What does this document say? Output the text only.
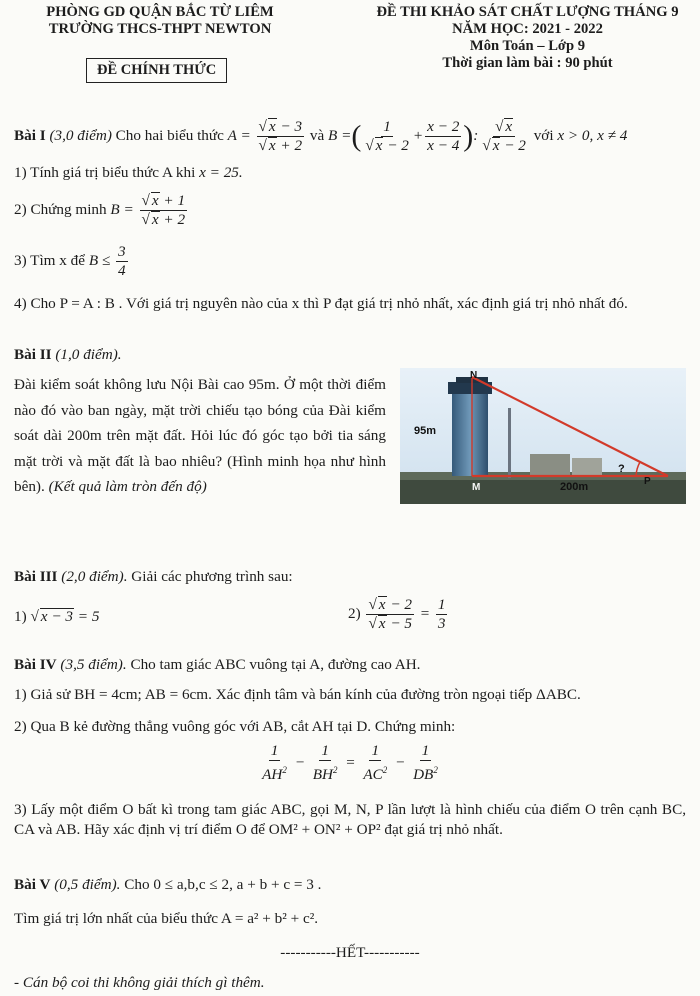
PHÒNG GD QUẬN BẮC TỪ LIÊM
TRƯỜNG THCS-THPT NEWTON
ĐỀ CHÍNH THỨC
ĐỀ THI KHẢO SÁT CHẤT LƯỢNG THÁNG 9
NĂM HỌC: 2021 - 2022
Môn Toán – Lớp 9
Thời gian làm bài : 90 phút
Bài I (3,0 điểm) Cho hai biểu thức $A = \frac{√ x - 3}{√ x + 2}$ và B =( $\frac{1}{√ x - 2} + \frac{x - 2}{x - 4}$ ): $\frac{√ x}{√ x - 2}$ với x > 0, x ≠ 4
1) Tính giá trị biểu thức A khi x = 25.
2) Chứng minh $B = \frac{√ x + 1}{√ x + 2}$
3) Tìm x để $B \le \frac{3}{4}$
4) Cho P = A : B . Với giá trị nguyên nào của x thì P đạt giá trị nhỏ nhất, xác định giá trị nhỏ nhất đó.
Bài II (1,0 điểm).
Đài kiểm soát không lưu Nội Bài cao 95m. Ở một thời điểm nào đó vào ban ngày, mặt trời chiếu tạo bóng của Đài kiểm soát dài 200m trên mặt đất. Hỏi lúc đó góc tạo bởi tia sáng mặt trời và mặt đất là bao nhiêu? (Hình minh họa như hình bên). (Kết quả làm tròn đến độ)
N
95m
M
?
200m	P
Bài III (2,0 điểm). Giải các phương trình sau:
1) √ x − 3 = 5	$2) \frac{√ x - 2}{√ x - 5} = \frac{1}{3}$
Bài IV (3,5 điểm). Cho tam giác ABC vuông tại A, đường cao AH.
1) Giả sử BH = 4cm; AB = 6cm. Xác định tâm và bán kính của đường tròn ngoại tiếp ΔABC.
2) Qua B kẻ đường thẳng vuông góc với AB, cắt AH tại D. Chứng minh:
$\frac{1}{AH^2} - \frac{1}{BH^2} = \frac{1}{AC^2} - \frac{1}{DB^2}$
3) Lấy một điểm O bất kì trong tam giác ABC, gọi M, N, P lần lượt là hình chiếu của điểm O trên cạnh BC, CA và AB. Hãy xác định vị trí điểm O để OM² + ON² + OP² đạt giá trị nhỏ nhất.
Bài V (0,5 điểm). Cho 0 ≤ a,b,c ≤ 2, a + b + c = 3 .
Tìm giá trị lớn nhất của biểu thức A = a² + b² + c².
-----------HẾT-----------
- Cán bộ coi thi không giải thích gì thêm.
